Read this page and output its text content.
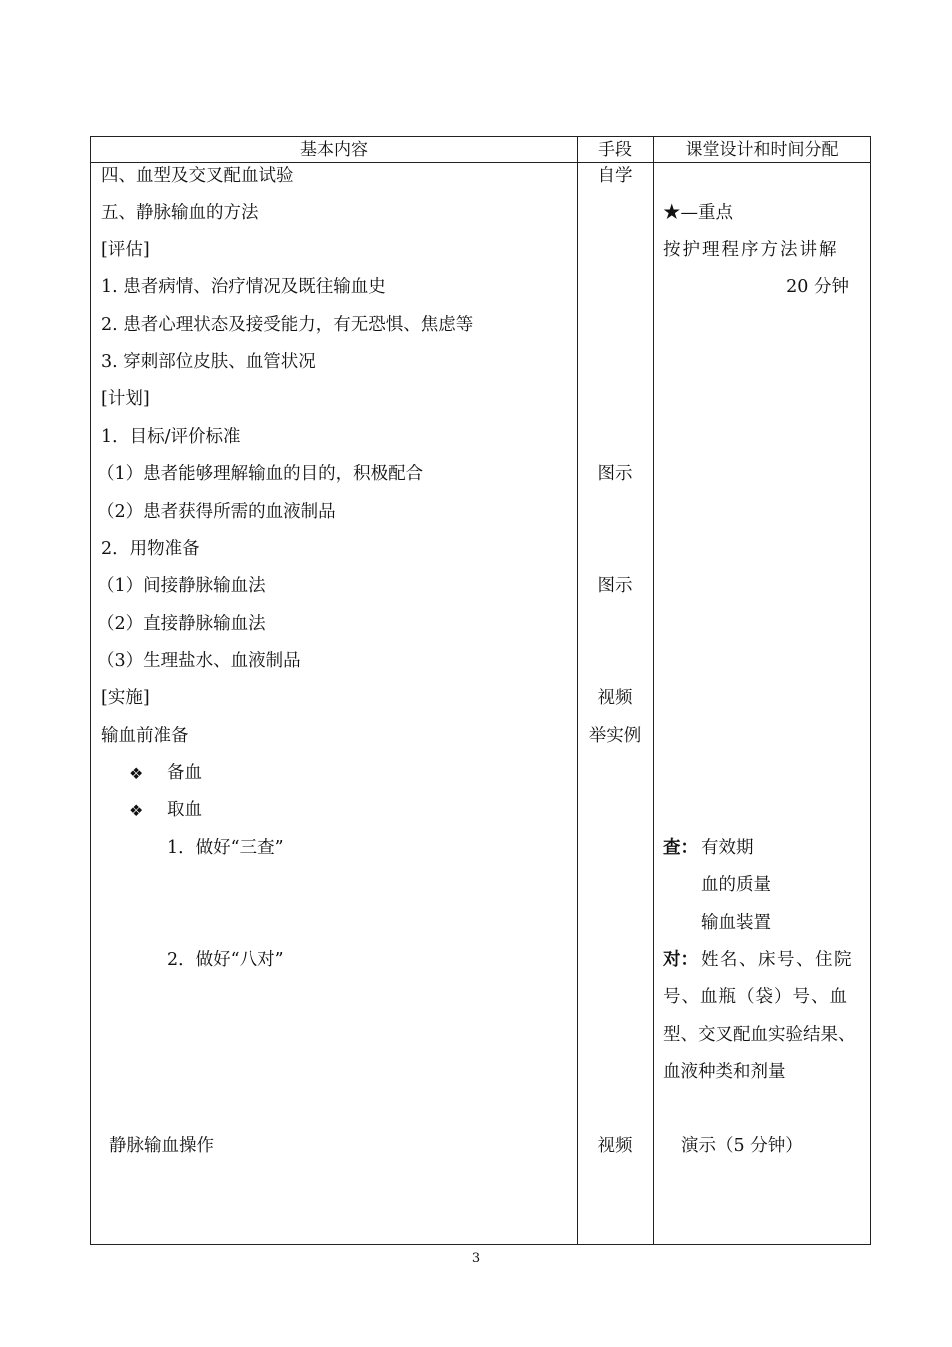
基本内容	手段	课堂设计和时间分配
四、血型及交叉配血试验
五、静脉输血的方法
[评估]
1. 患者病情、治疗情况及既往输血史
2. 患者心理状态及接受能力，有无恐惧、焦虑等
3. 穿刺部位皮肤、血管状况
[计划]
1．目标/评价标准
（1）患者能够理解输血的目的，积极配合
（2）患者获得所需的血液制品
2．用物准备
（1）间接静脉输血法
（2）直接静脉输血法
（3）生理盐水、血液制品
[实施]
输血前准备
❖ 备血
❖ 取血
1．做好“三查”
2．做好“八对”
静脉输血操作
自学
图示
图示
视频
举实例
视频
★—重点
按护理程序方法讲解
20 分钟
查： 有效期
血的质量
输血装置
对： 姓名、床号、住院
号、血瓶（袋）号、血
型、交叉配血实验结果、
血液种类和剂量
演示（5 分钟）
3
